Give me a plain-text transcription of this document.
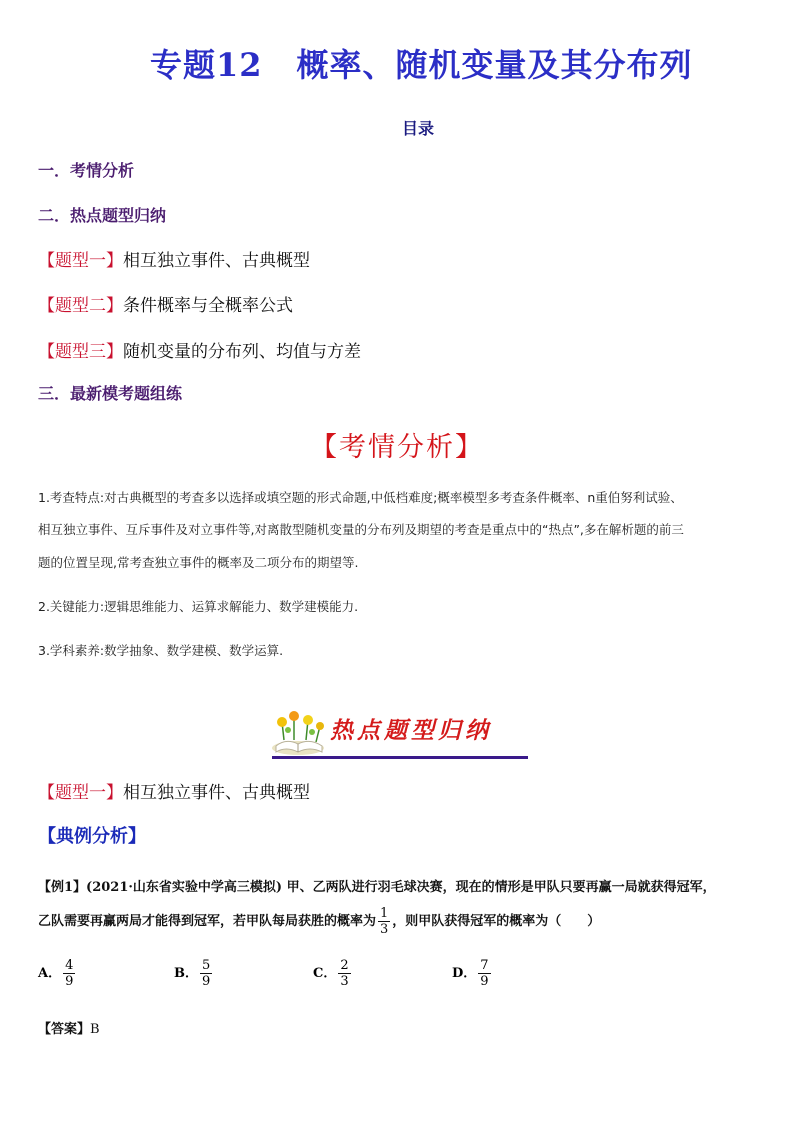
专题12 概率、随机变量及其分布列
目录
一．考情分析
二．热点题型归纳
【题型一】相互独立事件、古典概型
【题型二】条件概率与全概率公式
【题型三】随机变量的分布列、均值与方差
三．最新模考题组练
【考情分析】
1.考查特点:对古典概型的考查多以选择或填空题的形式命题,中低档难度;概率模型多考查条件概率、n重伯努利试验、
相互独立事件、互斥事件及对立事件等,对离散型随机变量的分布列及期望的考查是重点中的“热点”,多在解析题的前三
题的位置呈现,常考查独立事件的概率及二项分布的期望等.
2.关键能力:逻辑思维能力、运算求解能力、数学建模能力.
3.学科素养:数学抽象、数学建模、数学运算.
热点题型归纳
【题型一】相互独立事件、古典概型
【典例分析】
【例1】(2021·山东省实验中学高三模拟) 甲、乙两队进行羽毛球决赛，现在的情形是甲队只要再赢一局就获得冠军，
乙队需要再赢两局才能得到冠军，若甲队每局获胜的概率为 $\frac{1}{3}$ ，则甲队获得冠军的概率为（　　）
A． $\frac{4}{9}$	B． $\frac{5}{9}$	C． $\frac{2}{3}$	D． $\frac{7}{9}$
【答案】B
